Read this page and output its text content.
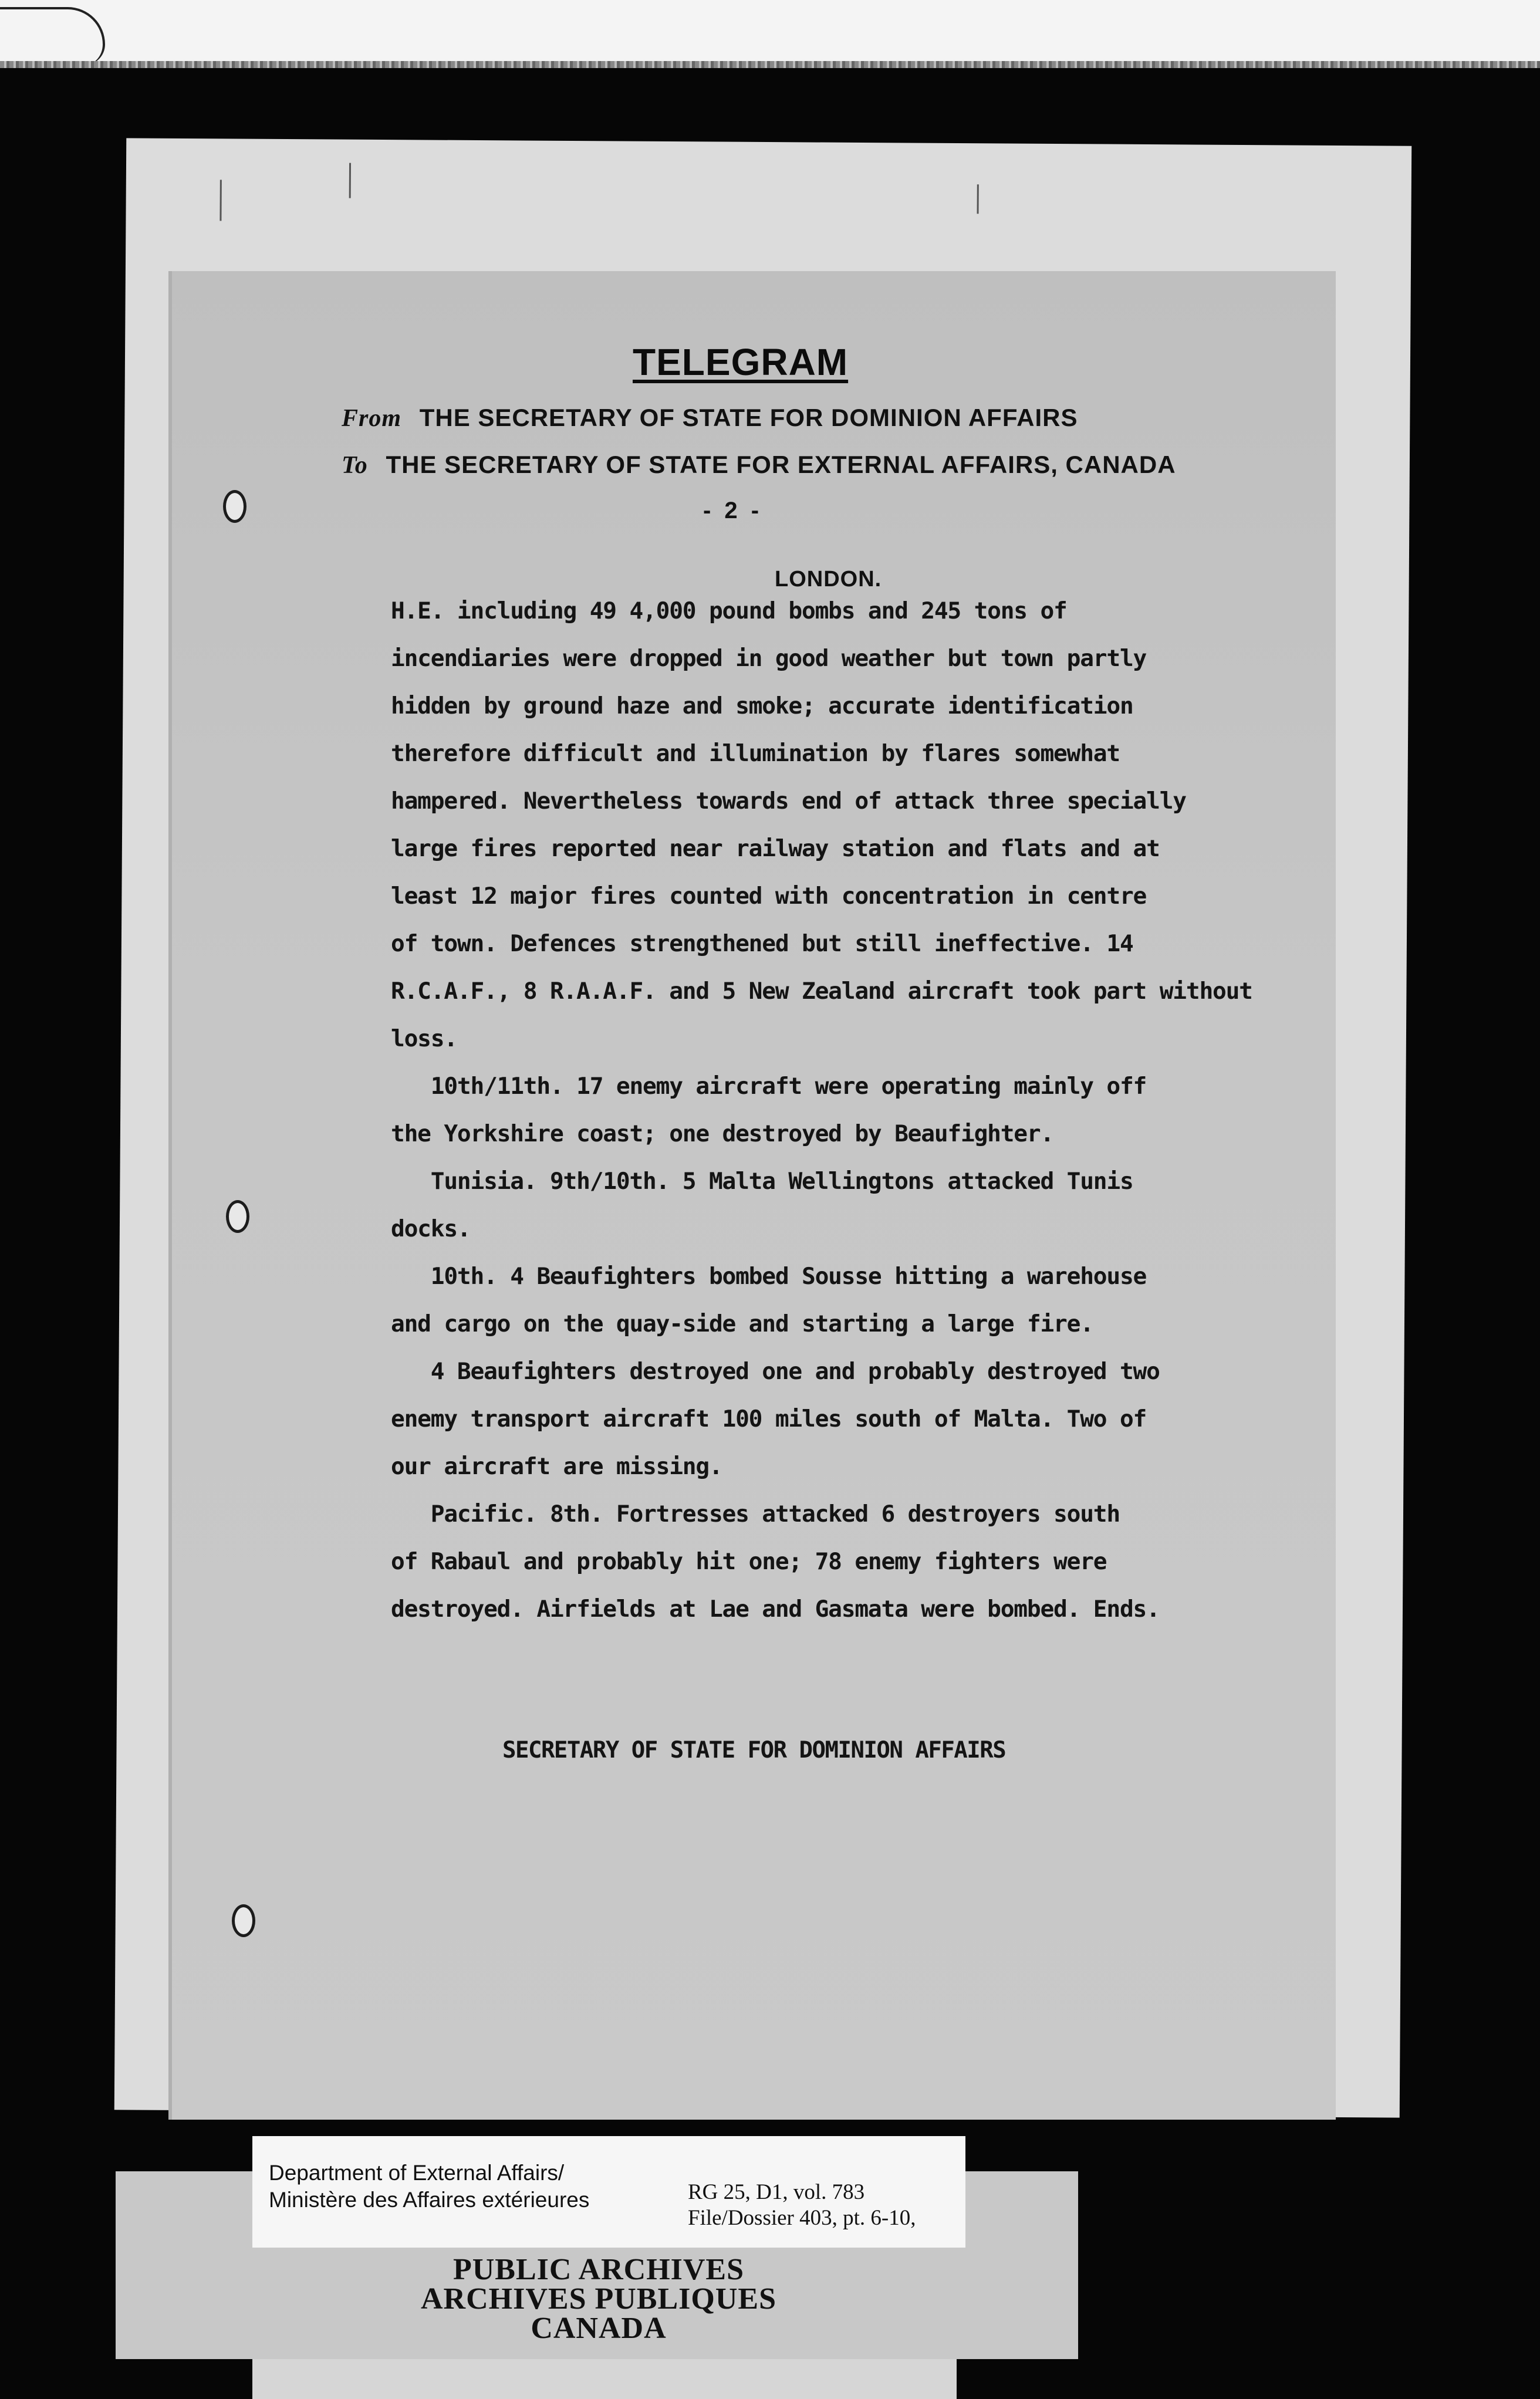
TELEGRAM
From THE SECRETARY OF STATE FOR DOMINION AFFAIRS
To THE SECRETARY OF STATE FOR EXTERNAL AFFAIRS, CANADA
- 2 -
LONDON.
H.E. including 49 4,000 pound bombs and 245 tons of
incendiaries were dropped in good weather but town partly
hidden by ground haze and smoke; accurate identification
therefore difficult and illumination by flares somewhat
hampered. Nevertheless towards end of attack three specially
large fires reported near railway station and flats and at
least 12 major fires counted with concentration in centre
of town. Defences strengthened but still ineffective. 14
R.C.A.F., 8 R.A.A.F. and 5 New Zealand aircraft took part without
loss.
10th/11th. 17 enemy aircraft were operating mainly off
the Yorkshire coast; one destroyed by Beaufighter.
Tunisia. 9th/10th. 5 Malta Wellingtons attacked Tunis
docks.
10th. 4 Beaufighters bombed Sousse hitting a warehouse
and cargo on the quay-side and starting a large fire.
4 Beaufighters destroyed one and probably destroyed two
enemy transport aircraft 100 miles south of Malta. Two of
our aircraft are missing.
Pacific. 8th. Fortresses attacked 6 destroyers south
of Rabaul and probably hit one; 78 enemy fighters were
destroyed. Airfields at Lae and Gasmata were bombed. Ends.
SECRETARY OF STATE FOR DOMINION AFFAIRS
Department of External Affairs/
Ministère des Affaires extérieures	RG 25, D1, vol. 783
File/Dossier 403, pt. 6-10,
PUBLIC ARCHIVES
ARCHIVES PUBLIQUES
CANADA
